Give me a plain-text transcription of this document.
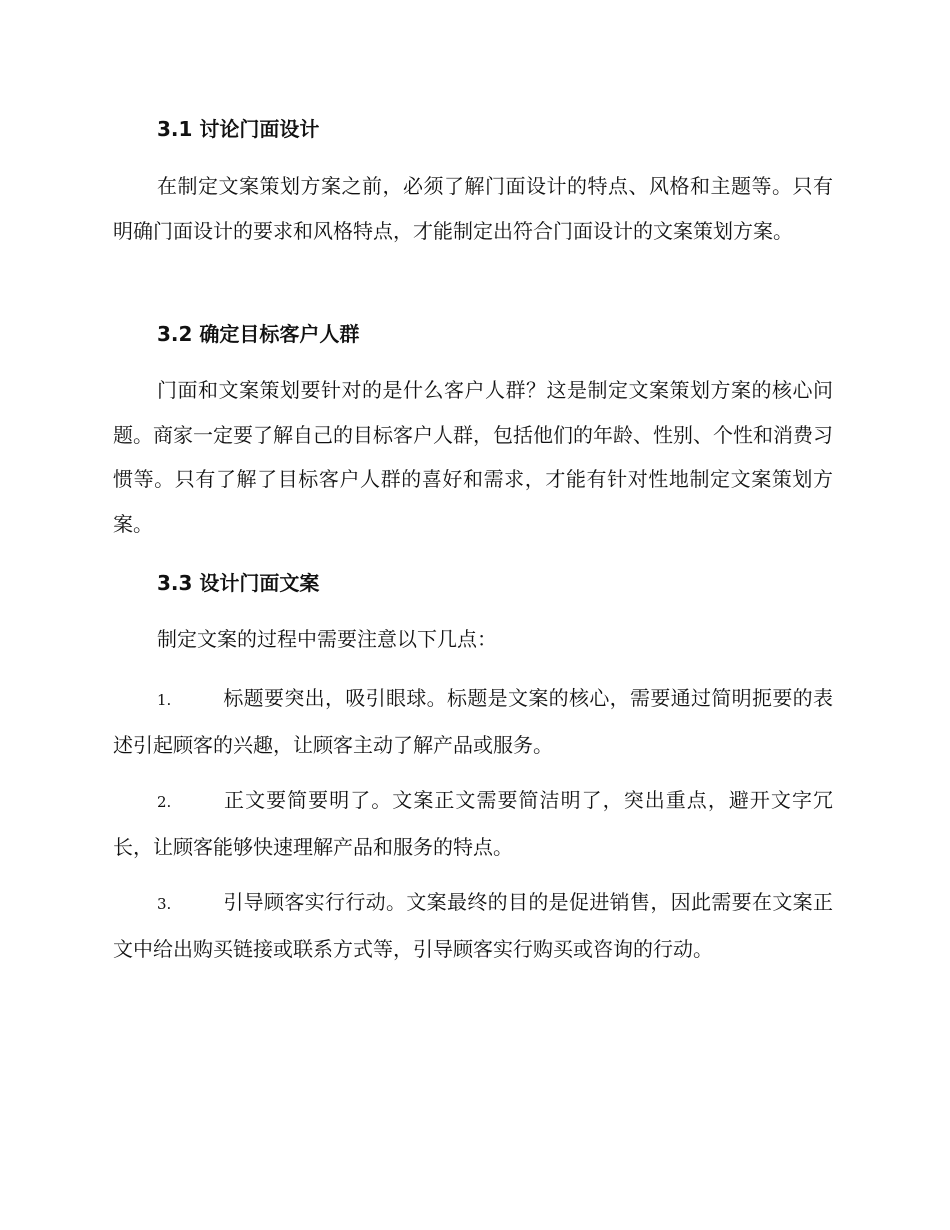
3.1 讨论门面设计

在制定文案策划方案之前，必须了解门面设计的特点、风格和主题等。只有明确门面设计的要求和风格特点，才能制定出符合门面设计的文案策划方案。

3.2 确定目标客户人群

门面和文案策划要针对的是什么客户人群？这是制定文案策划方案的核心问题。商家一定要了解自己的目标客户人群，包括他们的年龄、性别、个性和消费习惯等。只有了解了目标客户人群的喜好和需求，才能有针对性地制定文案策划方案。

3.3 设计门面文案

制定文案的过程中需要注意以下几点：

1.	标题要突出，吸引眼球。标题是文案的核心，需要通过简明扼要的表述引起顾客的兴趣，让顾客主动了解产品或服务。

2.	正文要简要明了。文案正文需要简洁明了，突出重点，避开文字冗长，让顾客能够快速理解产品和服务的特点。

3.	引导顾客实行行动。文案最终的目的是促进销售，因此需要在文案正文中给出购买链接或联系方式等，引导顾客实行购买或咨询的行动。
